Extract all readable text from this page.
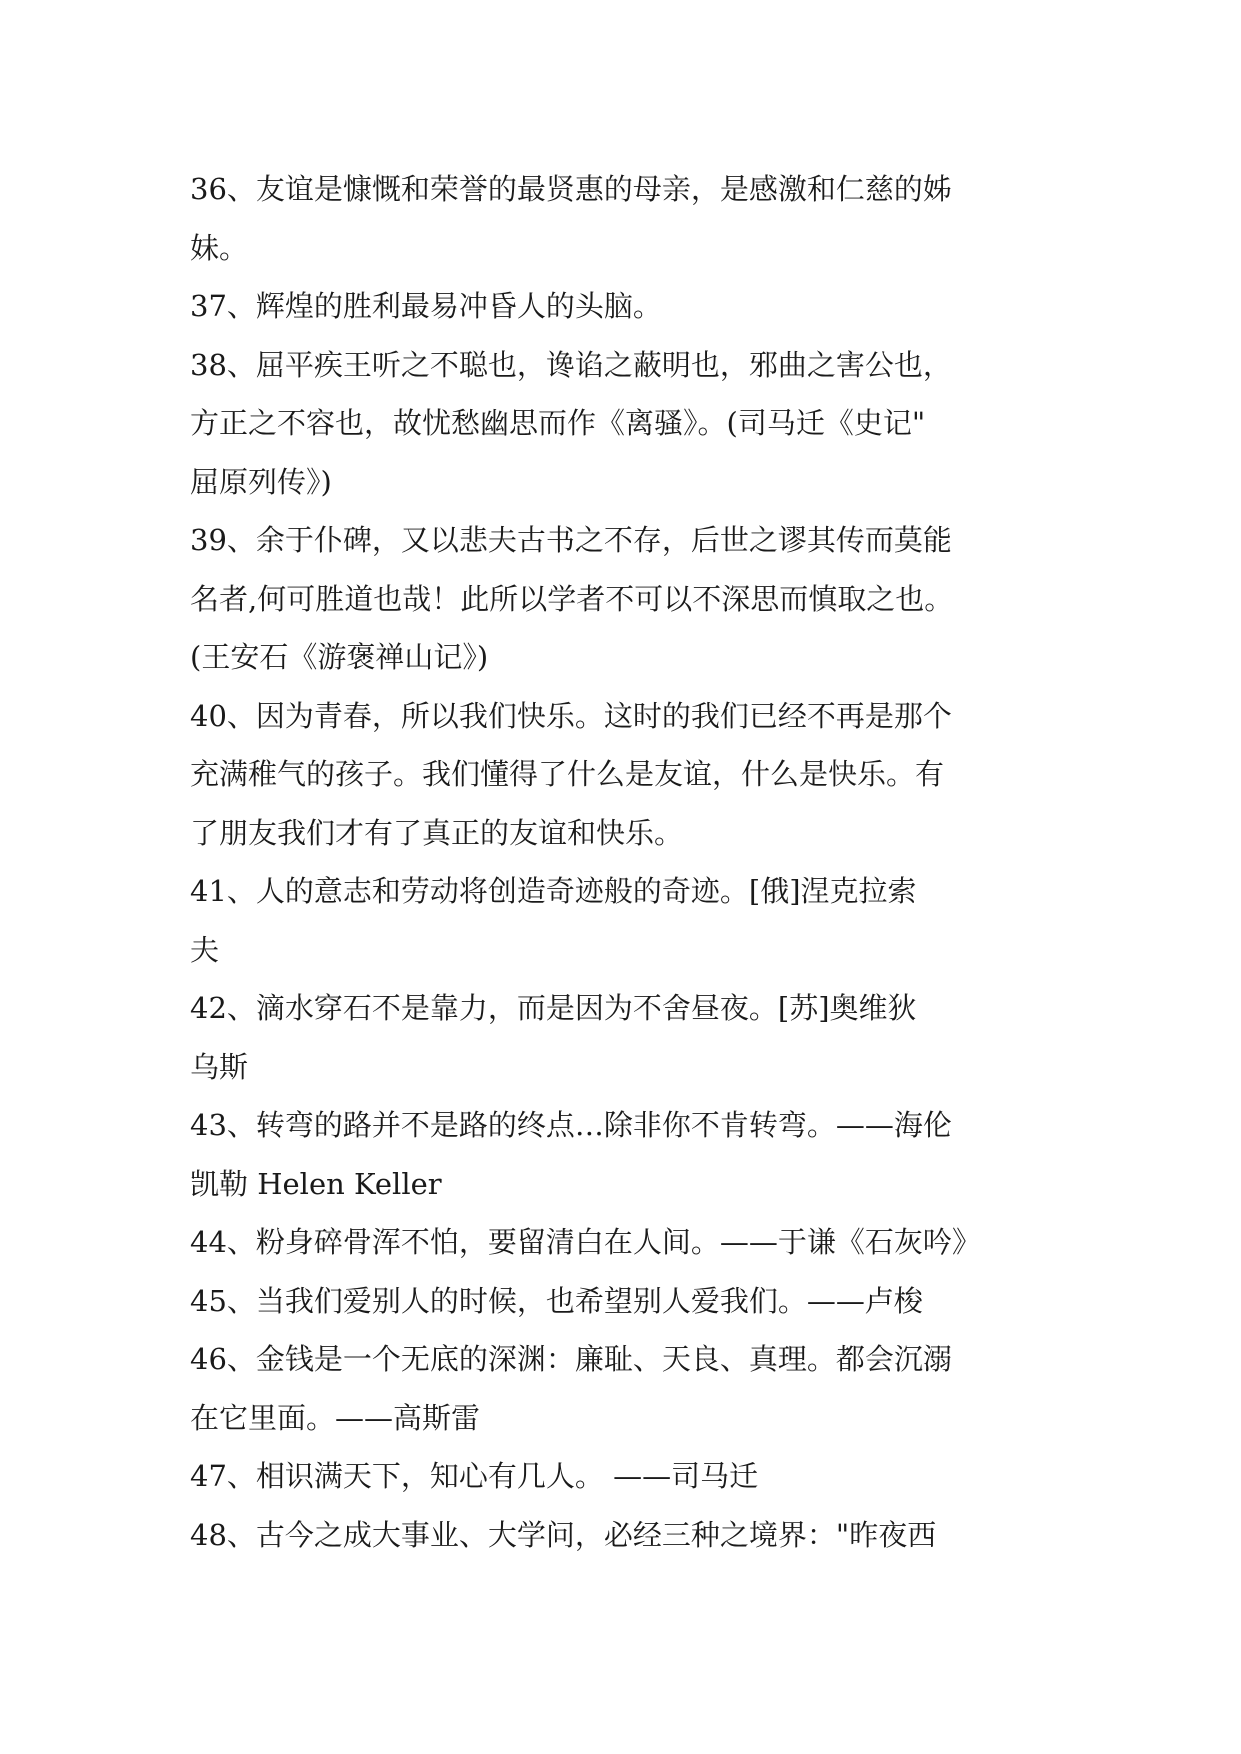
36、友谊是慷慨和荣誉的最贤惠的母亲，是感激和仁慈的姊
妹。
37、辉煌的胜利最易冲昏人的头脑。
38、屈平疾王听之不聪也，谗谄之蔽明也，邪曲之害公也，
方正之不容也，故忧愁幽思而作《离骚》。(司马迁《史记"
屈原列传》)
39、余于仆碑，又以悲夫古书之不存，后世之谬其传而莫能
名者,何可胜道也哉！此所以学者不可以不深思而慎取之也。
(王安石《游褒禅山记》)
40、因为青春，所以我们快乐。这时的我们已经不再是那个
充满稚气的孩子。我们懂得了什么是友谊，什么是快乐。有
了朋友我们才有了真正的友谊和快乐。
41、人的意志和劳动将创造奇迹般的奇迹。[俄]涅克拉索
夫
42、滴水穿石不是靠力，而是因为不舍昼夜。[苏]奥维狄
乌斯
43、转弯的路并不是路的终点…除非你不肯转弯。——海伦
凯勒 Helen Keller
44、粉身碎骨浑不怕，要留清白在人间。——于谦《石灰吟》
45、当我们爱别人的时候，也希望别人爱我们。——卢梭
46、金钱是一个无底的深渊：廉耻、天良、真理。都会沉溺
在它里面。——高斯雷
47、相识满天下，知心有几人。 ——司马迁
48、古今之成大事业、大学问，必经三种之境界："昨夜西
